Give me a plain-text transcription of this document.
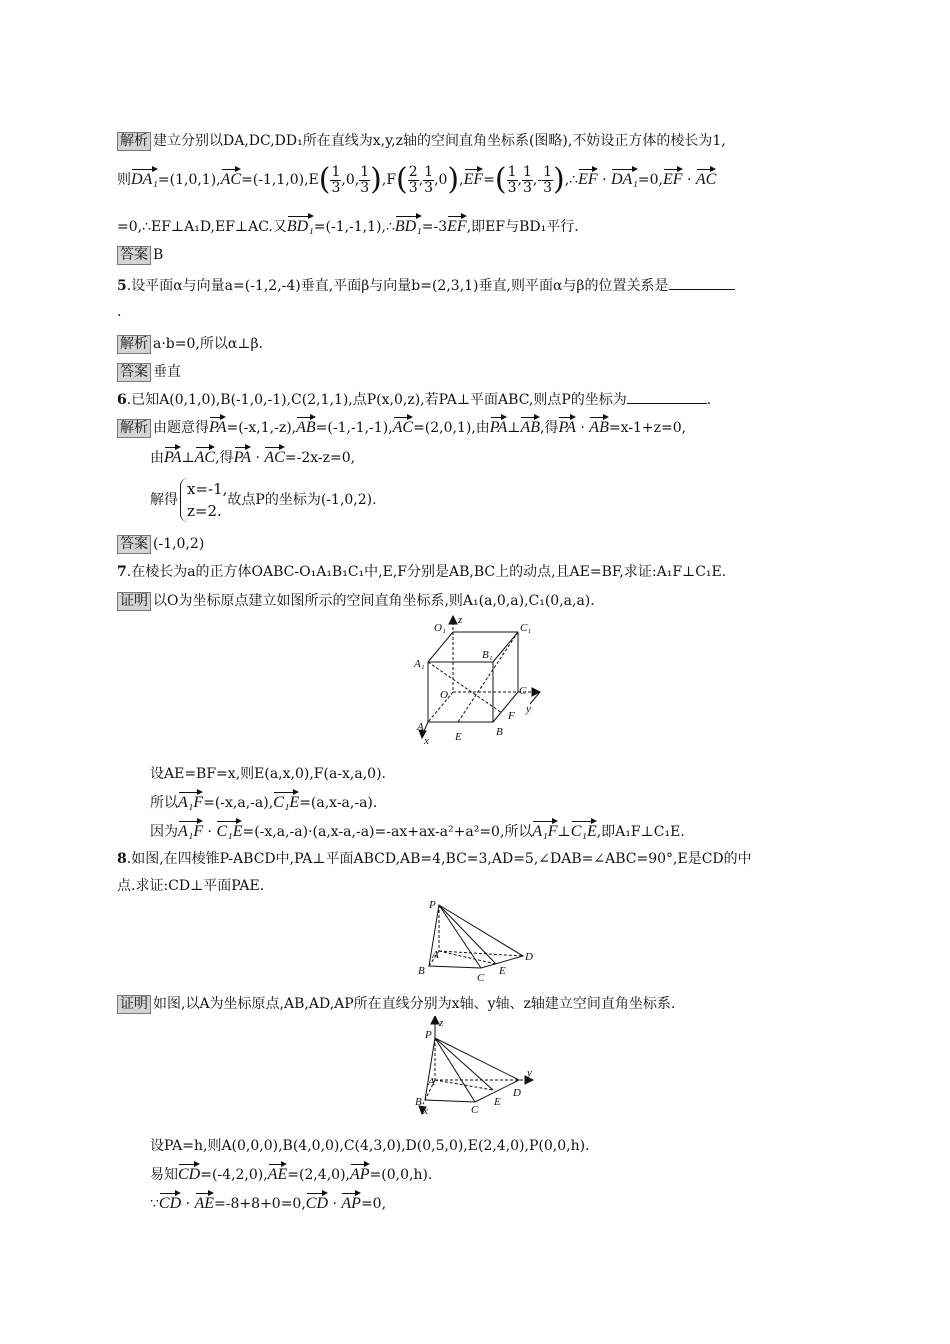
解析 建立分别以DA,DC,DD₁所在直线为x,y,z轴的空间直角坐标系(图略),不妨设正方体的棱长为1,
则$DA_1=(1,0,1),AC=(-1,1,0),E( \frac{1}{3} ,0$, $\frac{1}{3} ),F( \frac{2}{3}$ , $\frac{1}{3} ,0),EF=( \frac{1}{3}$ , $\frac{1}{3}$ ,- $\frac{1}{3}$ ),∴EF · DA₁=0,EF · AC
=0,∴EF⊥A₁D,EF⊥AC.又BD₁=(-1,-1,1),∴BD₁=-3EF,即EF与BD₁平行.
答案 B
5.设平面α与向量a=(-1,2,-4)垂直,平面β与向量b=(2,3,1)垂直,则平面α与β的位置关系是
.
解析 a·b=0,所以α⊥β.
答案 垂直
6.已知A(0,1,0),B(-1,0,-1),C(2,1,1),点P(x,0,z),若PA⊥平面ABC,则点P的坐标为	.
解析 由题意得PA=(-x,1,-z),AB=(-1,-1,-1),AC=(2,0,1),由PA⊥AB,得PA · AB=x-1+z=0,
由PA⊥AC,得PA · AC=-2x-z=0,
解得
x=-1,
z=2.
故点P的坐标为(-1,0,2).
答案 (-1,0,2)
7.在棱长为a的正方体OABC-O₁A₁B₁C₁中,E,F分别是AB,BC上的动点,且AE=BF,求证:A₁F⊥C₁E.
证明 以O为坐标原点建立如图所示的空间直角坐标系,则A₁(a,0,a),C₁(0,a,a).
O₁
z
C₁
B₁
A₁
C
O
y
F
A
x E	B
设AE=BF=x,则E(a,x,0),F(a-x,a,0).
所以A₁F=(-x,a,-a),C₁E=(a,x-a,-a).
因为A₁F · C₁E=(-x,a,-a)·(a,x-a,-a)=-ax+ax-a²+a²=0,所以A₁F⊥C₁E,即A₁F⊥C₁E.
8.如图,在四棱锥P-ABCD中,PA⊥平面ABCD,AB=4,BC=3,AD=5,∠DAB=∠ABC=90°,E是CD的中
点.求证:CD⊥平面PAE.
P
A	D
B	E
C
证明 如图,以A为坐标原点,AB,AD,AP所在直线分别为x轴、y轴、z轴建立空间直角坐标系.
P
z
A
y
D
B
x	C
E
设PA=h,则A(0,0,0),B(4,0,0),C(4,3,0),D(0,5,0),E(2,4,0),P(0,0,h).
易知CD=(-4,2,0),AE=(2,4,0),AP=(0,0,h).
∵CD · AE=-8+8+0=0,CD · AP=0,
